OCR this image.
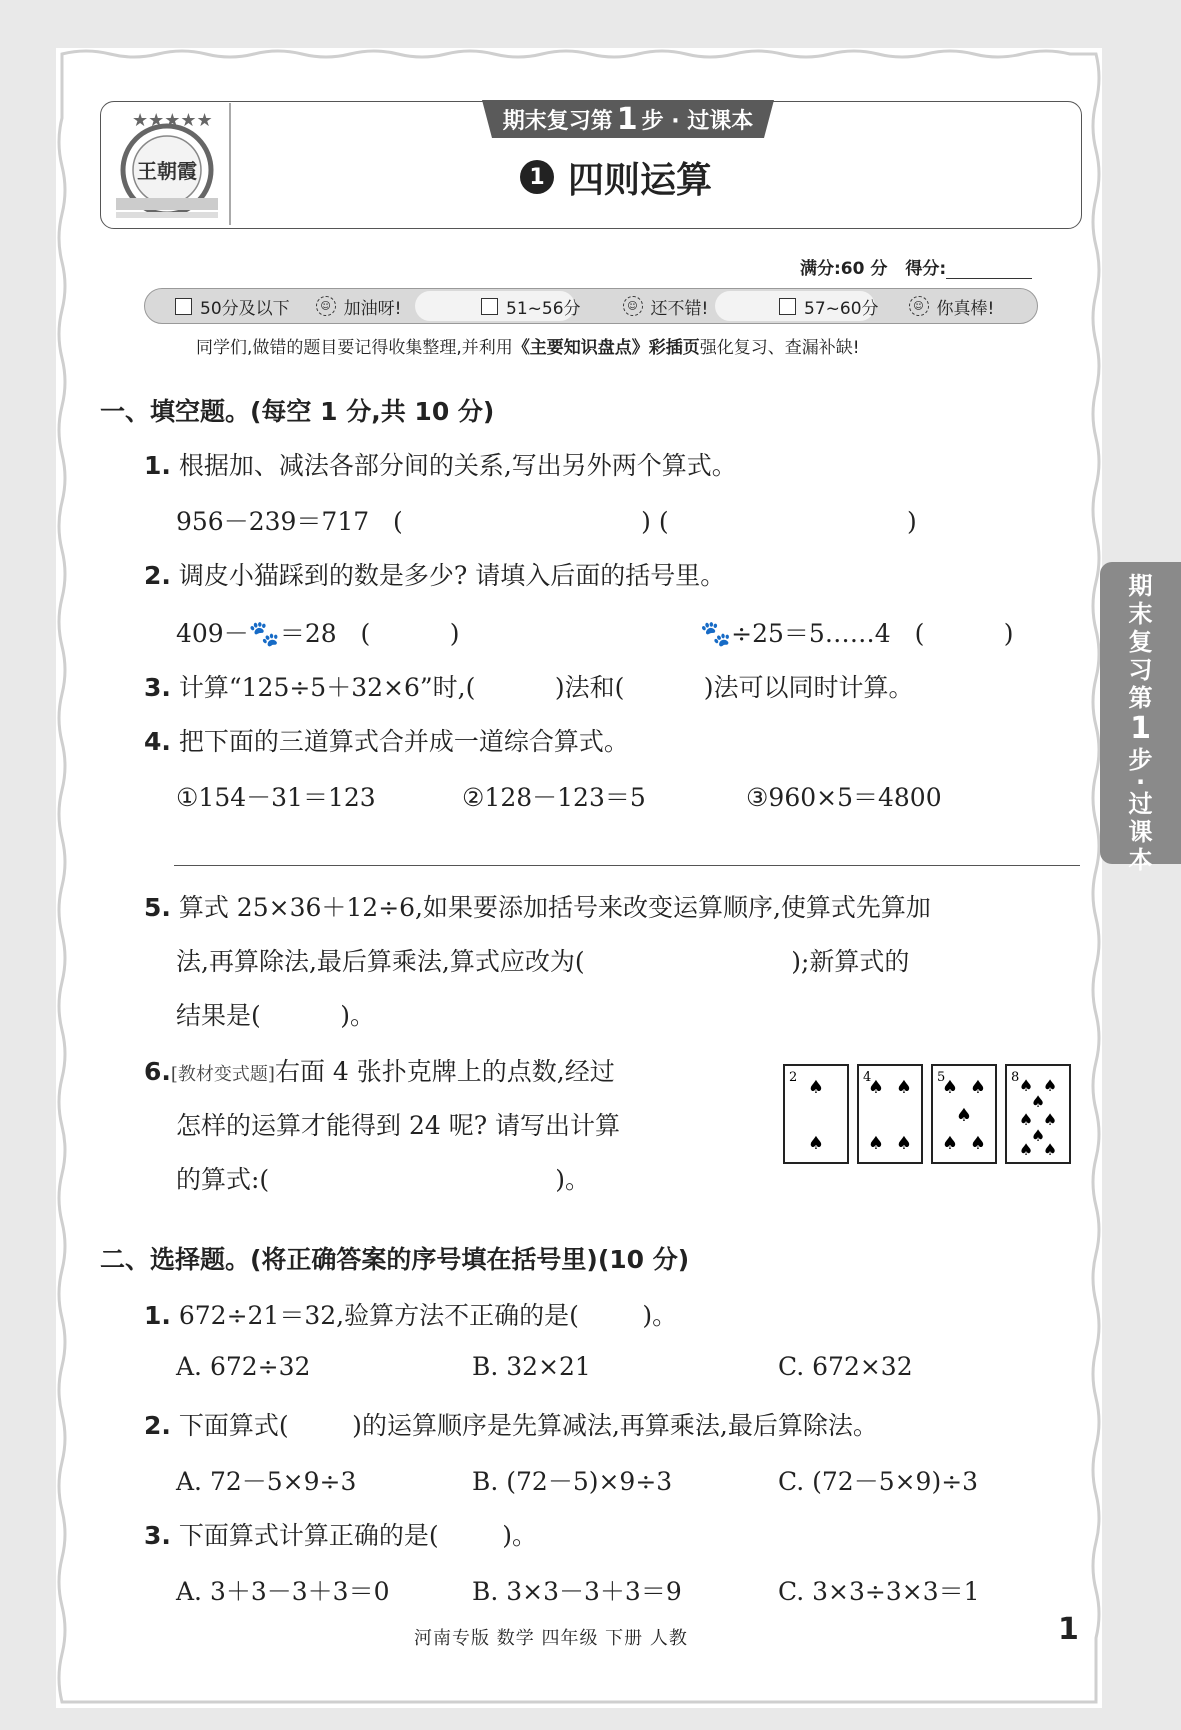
★★★★★
王朝霞
期末复习第 1 步 · 过课本
1 四则运算
满分:60 分 得分:
50分及以下	☺ 加油呀!	51~56分	☺ 还不错!	57~60分	☺ 你真棒!
同学们,做错的题目要记得收集整理,并利用《主要知识盘点》彩插页强化复习、查漏补缺!
一、填空题。(每空 1 分,共 10 分)
1. 根据加、减法各部分间的关系,写出另外两个算式。
956－239＝717 (                              ) (                              )
2. 调皮小猫踩到的数是多少? 请填入后面的括号里。
409－🐾＝28 (          )	🐾÷25＝5……4 (          )
3. 计算“125÷5＋32×6”时,(          )法和(          )法可以同时计算。
4. 把下面的三道算式合并成一道综合算式。
①154－31＝123	②128－123＝5	③960×5＝4800
5. 算式 25×36＋12÷6,如果要添加括号来改变运算顺序,使算式先算加
法,再算除法,最后算乘法,算式应改为(                          );新算式的
结果是(          )。
6.[教材变式题]右面 4 张扑克牌上的点数,经过
怎样的运算才能得到 24 呢? 请写出计算
的算式:(                                    )。
2 ♠
♠
4
♠ ♠
♠ ♠
5
♠ ♠
♠
♠ ♠
8 ♠ ♠
♠
♠ ♠
♠
♠ ♠
二、选择题。(将正确答案的序号填在括号里)(10 分)
1. 672÷21＝32,验算方法不正确的是(        )。
A. 672÷32	B. 32×21	C. 672×32
2. 下面算式(        )的运算顺序是先算减法,再算乘法,最后算除法。
A. 72－5×9÷3	B. (72－5)×9÷3	C. (72－5×9)÷3
3. 下面算式计算正确的是(        )。
A. 3＋3－3＋3＝0	B. 3×3－3＋3＝9	C. 3×3÷3×3＝1
期
末
复
习
第
1
步
·
过
课
本
河南专版 数学 四年级 下册 人教	1
